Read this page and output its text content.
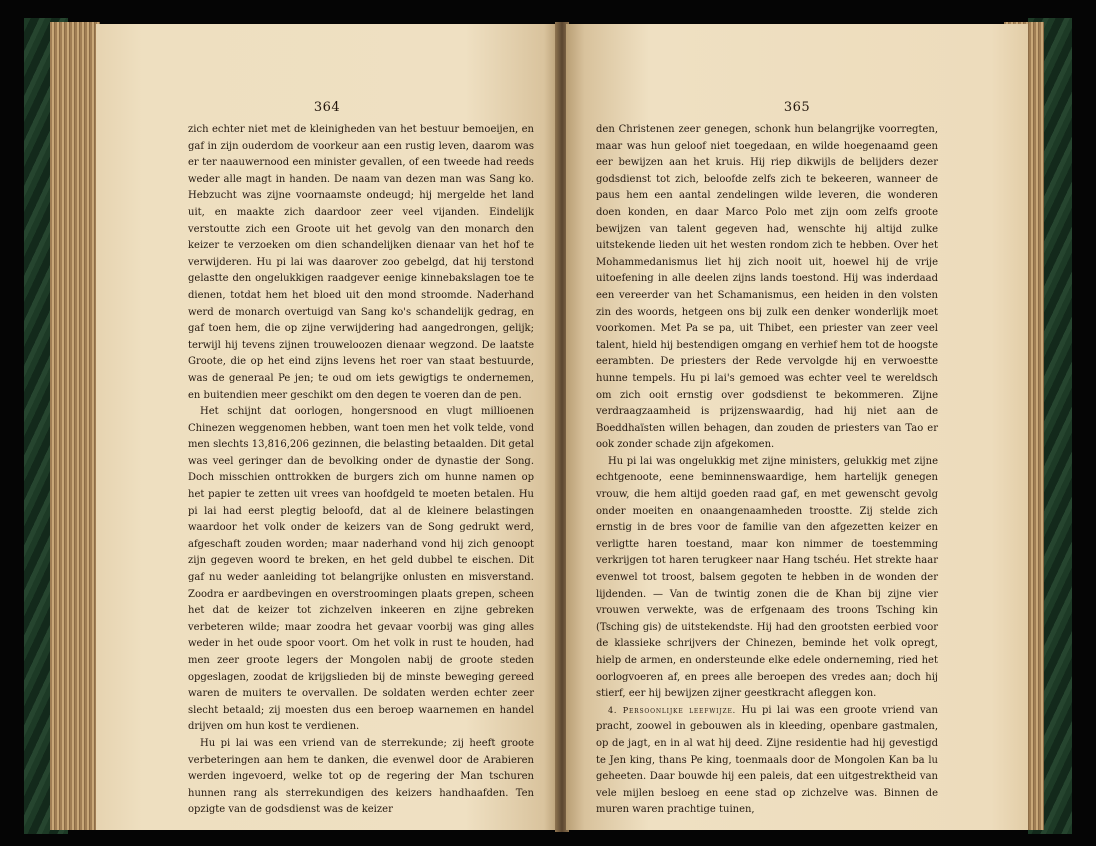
364

zich echter niet met de kleinigheden van het bestuur bemoeijen, en gaf in zijn ouderdom de voorkeur aan een rustig leven, daarom was er ter naauwernood een minister gevallen, of een tweede had reeds weder alle magt in handen. De naam van dezen man was Sang ko. Hebzucht was zijne voornaamste ondeugd; hij mergelde het land uit, en maakte zich daardoor zeer veel vijanden. Eindelijk verstoutte zich een Groote uit het gevolg van den monarch den keizer te verzoeken om dien schandelijken dienaar van het hof te verwijderen. Hu pi lai was daarover zoo gebelgd, dat hij terstond gelastte den ongelukkigen raadgever eenige kinnebakslagen toe te dienen, totdat hem het bloed uit den mond stroomde. Naderhand werd de monarch overtuigd van Sang ko's schandelijk gedrag, en gaf toen hem, die op zijne verwijdering had aangedrongen, gelijk; terwijl hij tevens zijnen trouweloozen dienaar wegzond. De laatste Groote, die op het eind zijns levens het roer van staat bestuurde, was de generaal Pe jen; te oud om iets gewigtigs te ondernemen, en buitendien meer geschikt om den degen te voeren dan de pen.

Het schijnt dat oorlogen, hongersnood en vlugt millioenen Chinezen weggenomen hebben, want toen men het volk telde, vond men slechts 13,816,206 gezinnen, die belasting betaalden. Dit getal was veel geringer dan de bevolking onder de dynastie der Song. Doch misschien onttrokken de burgers zich om hunne namen op het papier te zetten uit vrees van hoofdgeld te moeten betalen. Hu pi lai had eerst plegtig beloofd, dat al de kleinere belastingen waardoor het volk onder de keizers van de Song gedrukt werd, afgeschaft zouden worden; maar naderhand vond hij zich genoopt zijn gegeven woord te breken, en het geld dubbel te eischen. Dit gaf nu weder aanleiding tot belangrijke onlusten en misverstand. Zoodra er aardbevingen en overstroomingen plaats grepen, scheen het dat de keizer tot zichzelven inkeeren en zijne gebreken verbeteren wilde; maar zoodra het gevaar voorbij was ging alles weder in het oude spoor voort. Om het volk in rust te houden, had men zeer groote legers der Mongolen nabij de groote steden opgeslagen, zoodat de krijgslieden bij de minste beweging gereed waren de muiters te overvallen. De soldaten werden echter zeer slecht betaald; zij moesten dus een beroep waarnemen en handel drijven om hun kost te verdienen.

Hu pi lai was een vriend van de sterrekunde; zij heeft groote verbeteringen aan hem te danken, die evenwel door de Arabieren werden ingevoerd, welke tot op de regering der Man tschuren hunnen rang als sterrekundigen des keizers handhaafden. Ten opzigte van de godsdienst was de keizer

365

den Christenen zeer genegen, schonk hun belangrijke voorregten, maar was hun geloof niet toegedaan, en wilde hoegenaamd geen eer bewijzen aan het kruis. Hij riep dikwijls de belijders dezer godsdienst tot zich, beloofde zelfs zich te bekeeren, wanneer de paus hem een aantal zendelingen wilde leveren, die wonderen doen konden, en daar Marco Polo met zijn oom zelfs groote bewijzen van talent gegeven had, wenschte hij altijd zulke uitstekende lieden uit het westen rondom zich te hebben. Over het Mohammedanismus liet hij zich nooit uit, hoewel hij de vrije uitoefening in alle deelen zijns lands toestond. Hij was inderdaad een vereerder van het Schamanismus, een heiden in den volsten zin des woords, hetgeen ons bij zulk een denker wonderlijk moet voorkomen. Met Pa se pa, uit Thibet, een priester van zeer veel talent, hield hij bestendigen omgang en verhief hem tot de hoogste eerambten. De priesters der Rede vervolgde hij en verwoestte hunne tempels. Hu pi lai's gemoed was echter veel te wereldsch om zich ooit ernstig over godsdienst te bekommeren. Zijne verdraagzaamheid is prijzenswaardig, had hij niet aan de Boeddhaïsten willen behagen, dan zouden de priesters van Tao er ook zonder schade zijn afgekomen.

Hu pi lai was ongelukkig met zijne ministers, gelukkig met zijne echtgenoote, eene beminnenswaardige, hem hartelijk genegen vrouw, die hem altijd goeden raad gaf, en met gewenscht gevolg onder moeiten en onaangenaamheden troostte. Zij stelde zich ernstig in de bres voor de familie van den afgezetten keizer en verligtte haren toestand, maar kon nimmer de toestemming verkrijgen tot haren terugkeer naar Hang tschéu. Het strekte haar evenwel tot troost, balsem gegoten te hebben in de wonden der lijdenden. — Van de twintig zonen die de Khan bij zijne vier vrouwen verwekte, was de erfgenaam des troons Tsching kin (Tsching gis) de uitstekendste. Hij had den grootsten eerbied voor de klassieke schrijvers der Chinezen, beminde het volk opregt, hielp de armen, en ondersteunde elke edele onderneming, ried het oorlogvoeren af, en prees alle beroepen des vredes aan; doch hij stierf, eer hij bewijzen zijner geestkracht afleggen kon.

4. Persoonlijke leefwijze. Hu pi lai was een groote vriend van pracht, zoowel in gebouwen als in kleeding, openbare gastmalen, op de jagt, en in al wat hij deed. Zijne residentie had hij gevestigd te Jen king, thans Pe king, toenmaals door de Mongolen Kan ba lu geheeten. Daar bouwde hij een paleis, dat een uitgestrektheid van vele mijlen besloeg en eene stad op zichzelve was. Binnen de muren waren prachtige tuinen,
